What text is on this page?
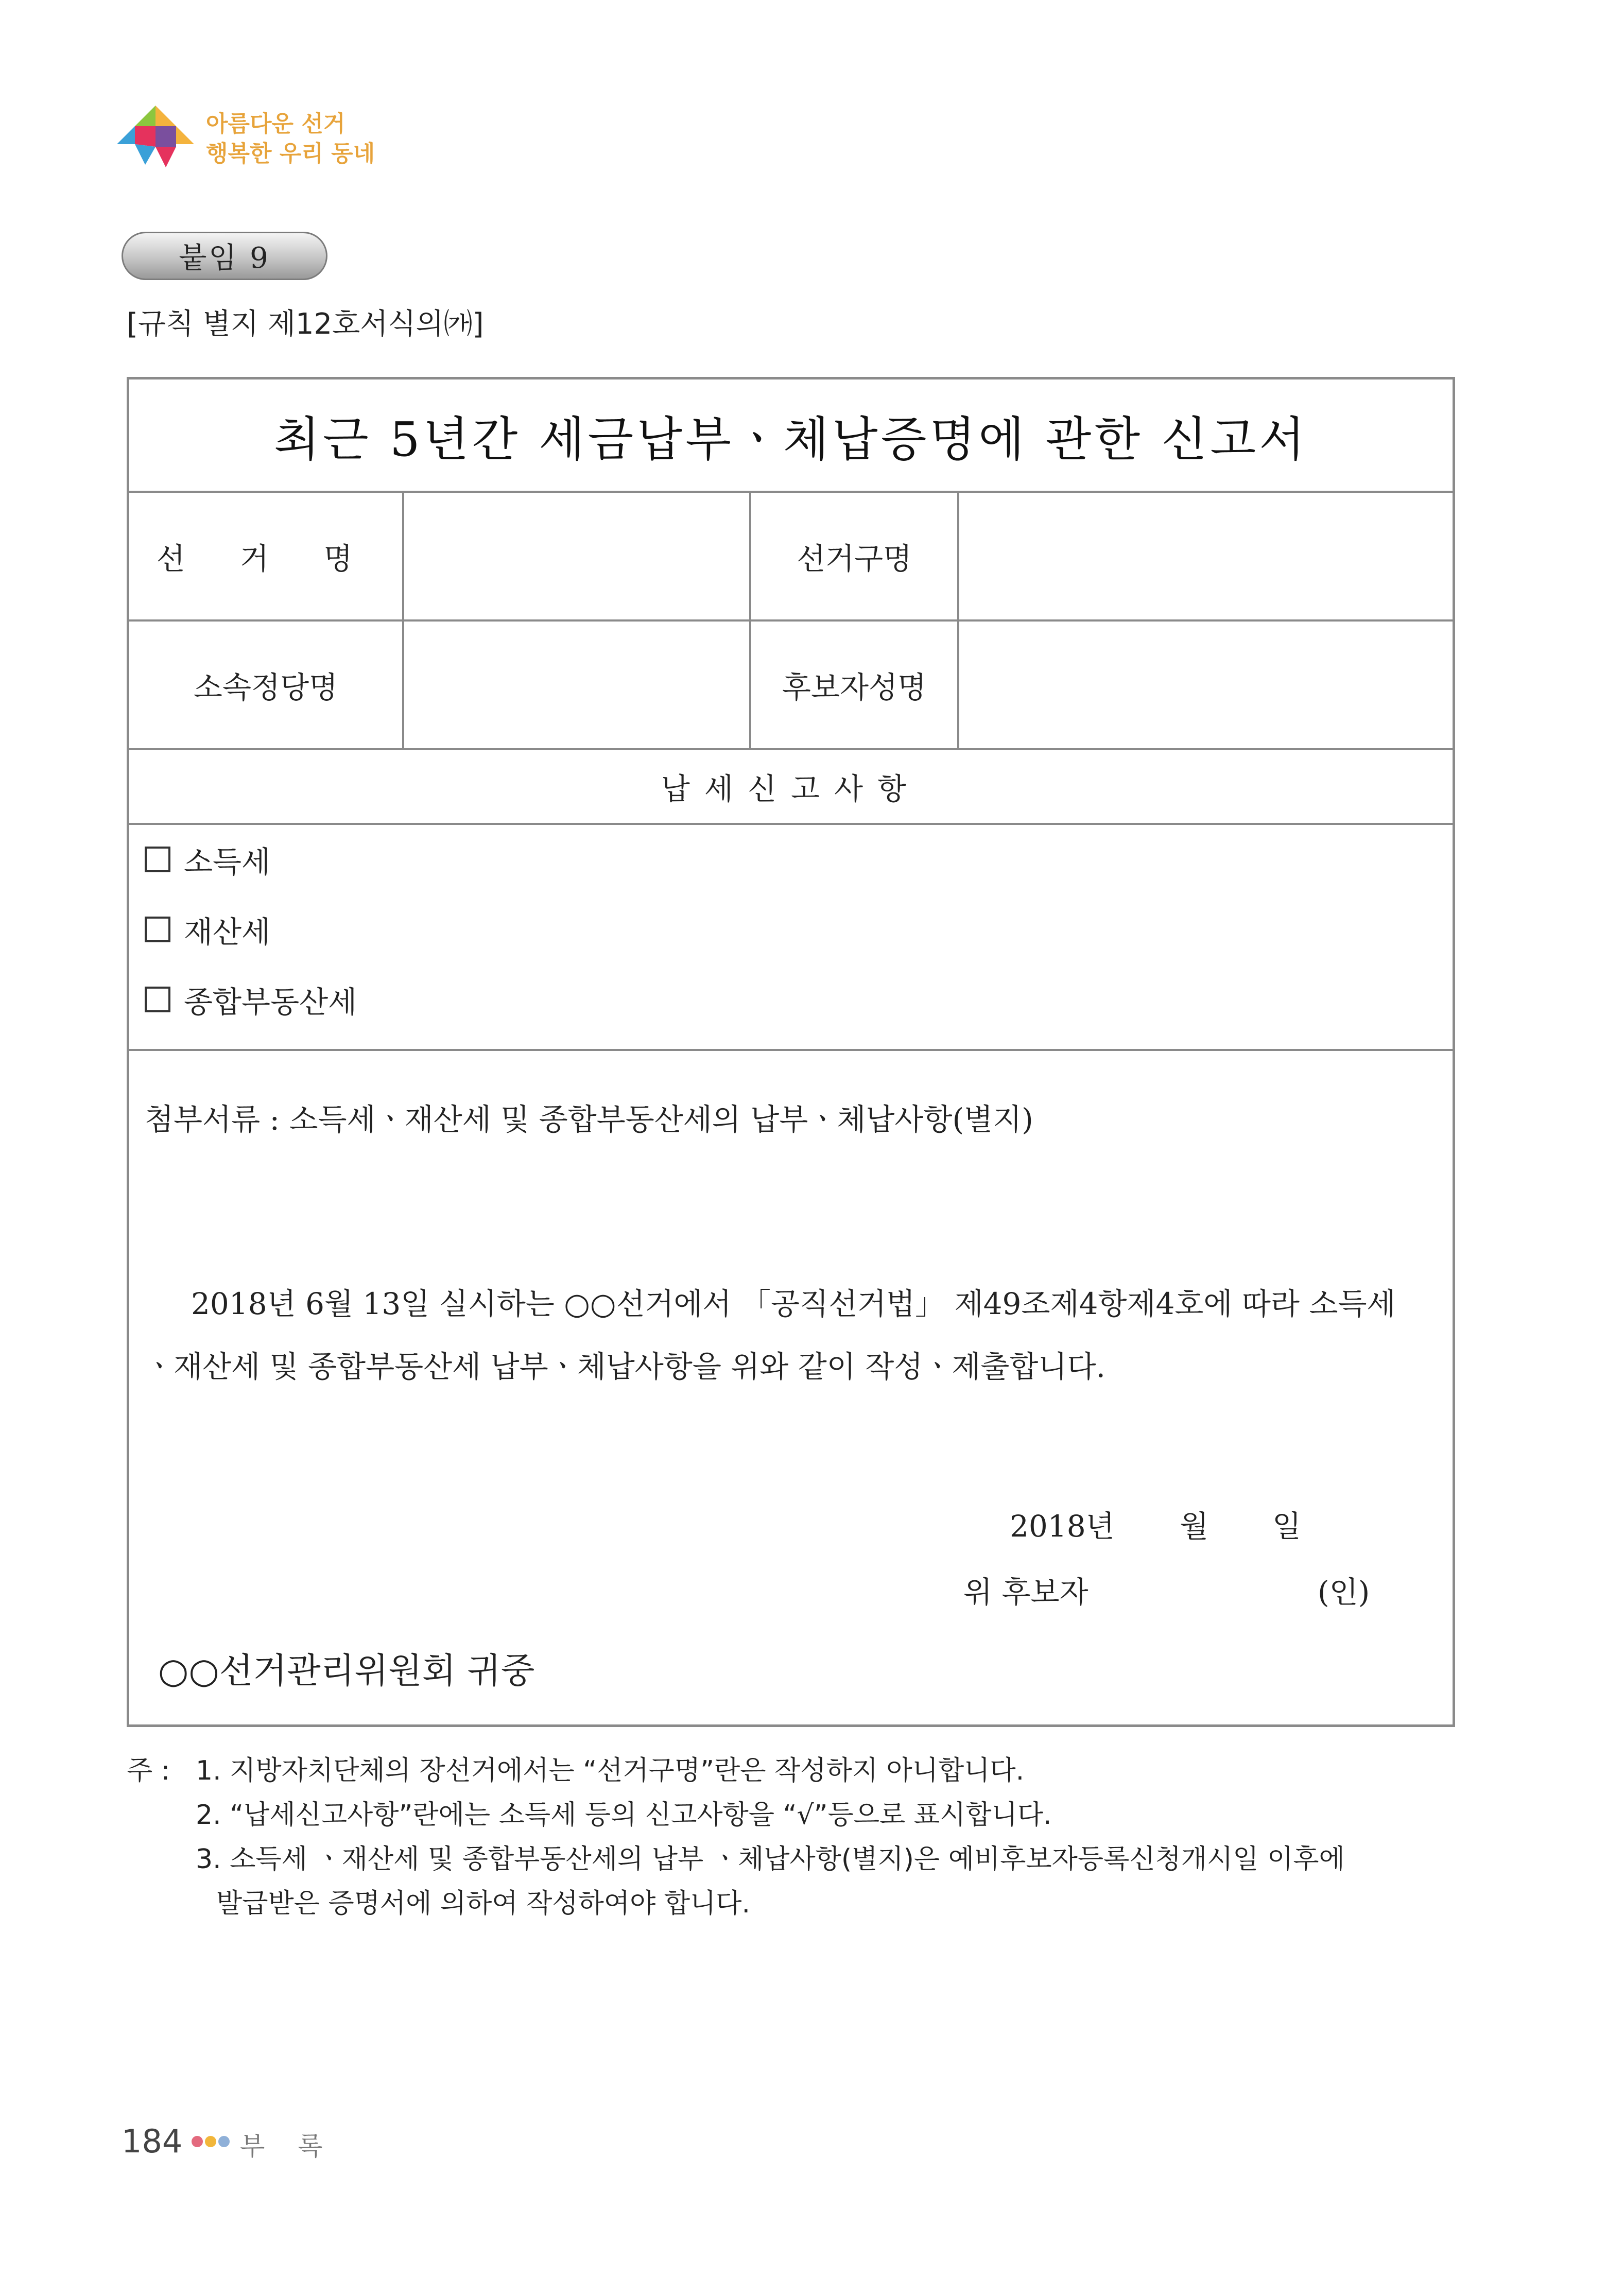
아름다운 선거
행복한 우리 동네
붙임 9
[규칙 별지 제12호서식의㈎]
최근 5년간 세금납부ㆍ체납증명에 관한 신고서
선 거 명	선거구명
소속정당명	후보자성명
납세신고사항
소득세
재산세
종합부동산세
첨부서류 : 소득세ㆍ재산세 및 종합부동산세의 납부ㆍ체납사항(별지)
2018년 6월 13일 실시하는 ○○선거에서 「공직선거법」 제49조제4항제4호에 따라 소득세
ㆍ재산세 및 종합부동산세 납부ㆍ체납사항을 위와 같이 작성ㆍ제출합니다.
2018년 월 일
위 후보자	(인)
○○선거관리위원회 귀중
주 : 1. 지방자치단체의 장선거에서는 “선거구명”란은 작성하지 아니합니다.
2. “납세신고사항”란에는 소득세 등의 신고사항을 “√”등으로 표시합니다.
3. 소득세 ㆍ재산세 및 종합부동산세의 납부 ㆍ체납사항(별지)은 예비후보자등록신청개시일 이후에
발급받은 증명서에 의하여 작성하여야 합니다.
184 부 록
